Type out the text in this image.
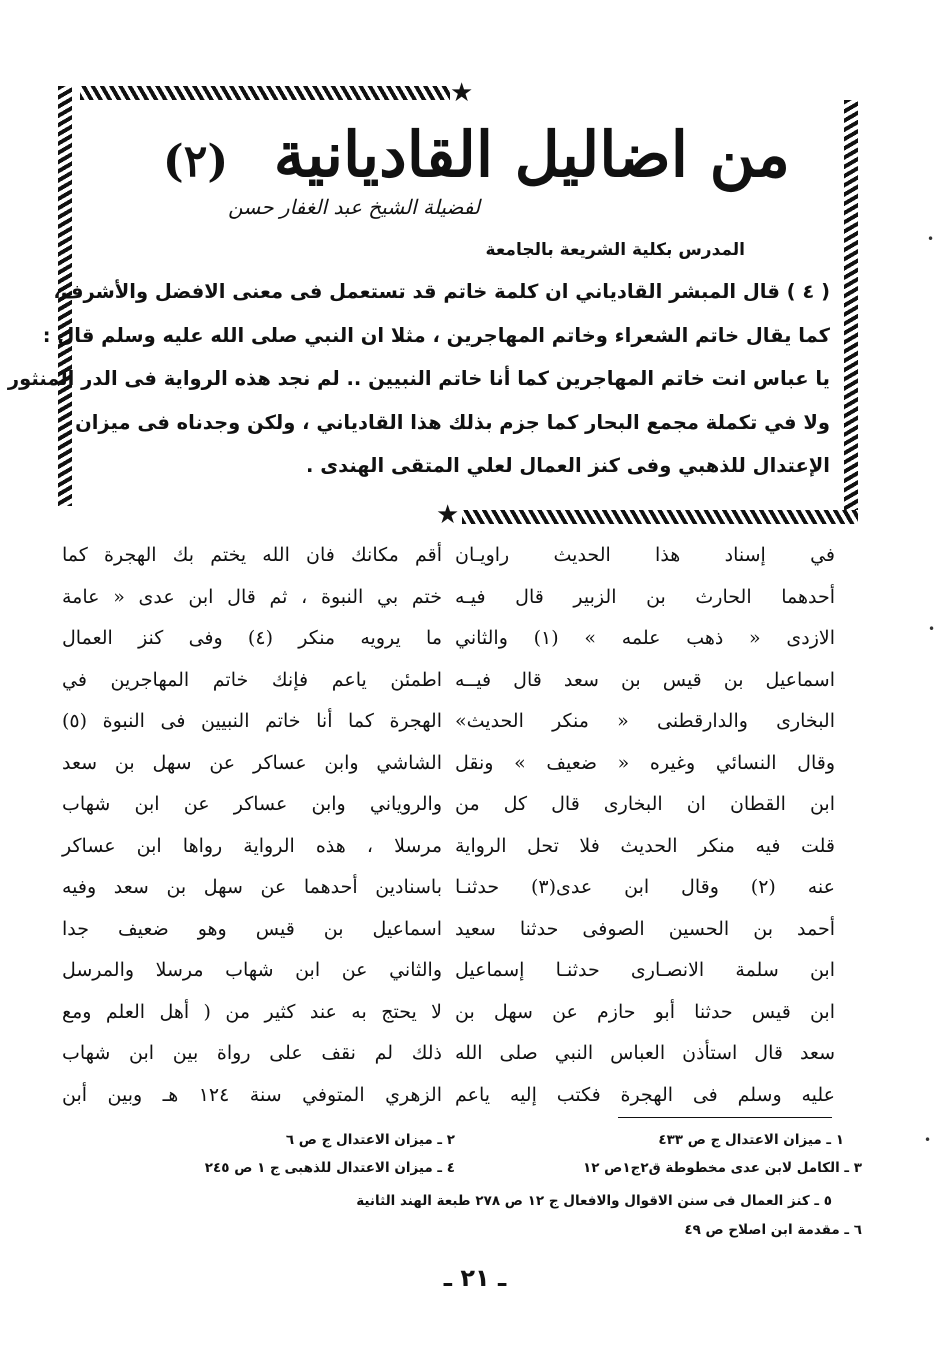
★
★
من اضاليل القاديانية (٢)
لفضيلة الشيخ عبد الغفار حسن
المدرس بكلية الشريعة بالجامعة
( ٤ ) قال المبشر القادياني ان كلمة خاتم قد تستعمل فى معنى الافضل والأشرف،
كما يقال خاتم الشعراء وخاتم المهاجرين ، مثلا ان النبي صلى الله عليه وسلم قال :
يا عباس انت خاتم المهاجرين كما أنا خاتم النبيين .. لم نجد هذه الرواية فى الدر المنثور
ولا في تكملة مجمع البحار كما جزم بذلك هذا القادياني ، ولكن وجدناه فى ميزان
الإعتدال للذهبي وفى كنز العمال لعلي المتقى الهندى .
في إسناد هذا الحديث راويـان
أحدهما الحارث بن الزبير قال فيـه
الازدى « ذهب علمه » (١) والثاني
اسماعيل بن قيس بن سعد قال فيــه
البخارى والدارقطنى « منكر الحديث»
وقال النسائي وغيره « ضعيف » ونقل
ابن القطان ان البخارى قال كل من
قلت فيه منكر الحديث فلا تحل الرواية
عنه (٢) وقال ابن عدى(٣) حدثنـا
أحمد بن الحسين الصوفى حدثنا سعيد
ابن سلمة الانصـارى حدثنـا إسماعيل
ابن قيس حدثنا أبو حازم عن سهل بن
سعد قال استأذن العباس النبي صلى الله
عليه وسلم فى الهجرة فكتب إليه ياعم
أقم مكانك فان الله يختم بك الهجرة كما
ختم بي النبوة ، ثم قال ابن عدى « عامة
ما يرويه منكر (٤) وفى كنز العمال
اطمئن ياعم فإنك خاتم المهاجرين في
الهجرة كما أنا خاتم النبيين فى النبوة (٥)
الشاشي وابن عساكر عن سهل بن سعد
والروياني وابن عساكر عن ابن شهاب
مرسلا ، هذه الرواية رواها ابن عساكر
باسنادين أحدهما عن سهل بن سعد وفيه
اسماعيل بن قيس وهو ضعيف جدا
والثاني عن ابن شهاب مرسلا والمرسل
لا يحتج به عند كثير من ( أهل العلم ومع
ذلك لم نقف على رواة بين ابن شهاب
الزهري المتوفي سنة ١٢٤ هـ وبين أبن
١ ـ ميزان الاعتدال ج ص ٤٣٣
٢ ـ ميزان الاعتدال ج ص ٦
٣ ـ الكامل لابن عدى مخطوطة ق٢ج١ص ١٢
٤ ـ ميزان الاعتدال للذهبى ج ١ ص ٢٤٥
٥ ـ كنز العمال فى سنن الاقوال والافعال ج ١٢ ص ٢٧٨ طبعة الهند الثانية
٦ ـ مقدمة ابن اصلاح ص ٤٩
ـ ٢١ ـ
•
•
•
